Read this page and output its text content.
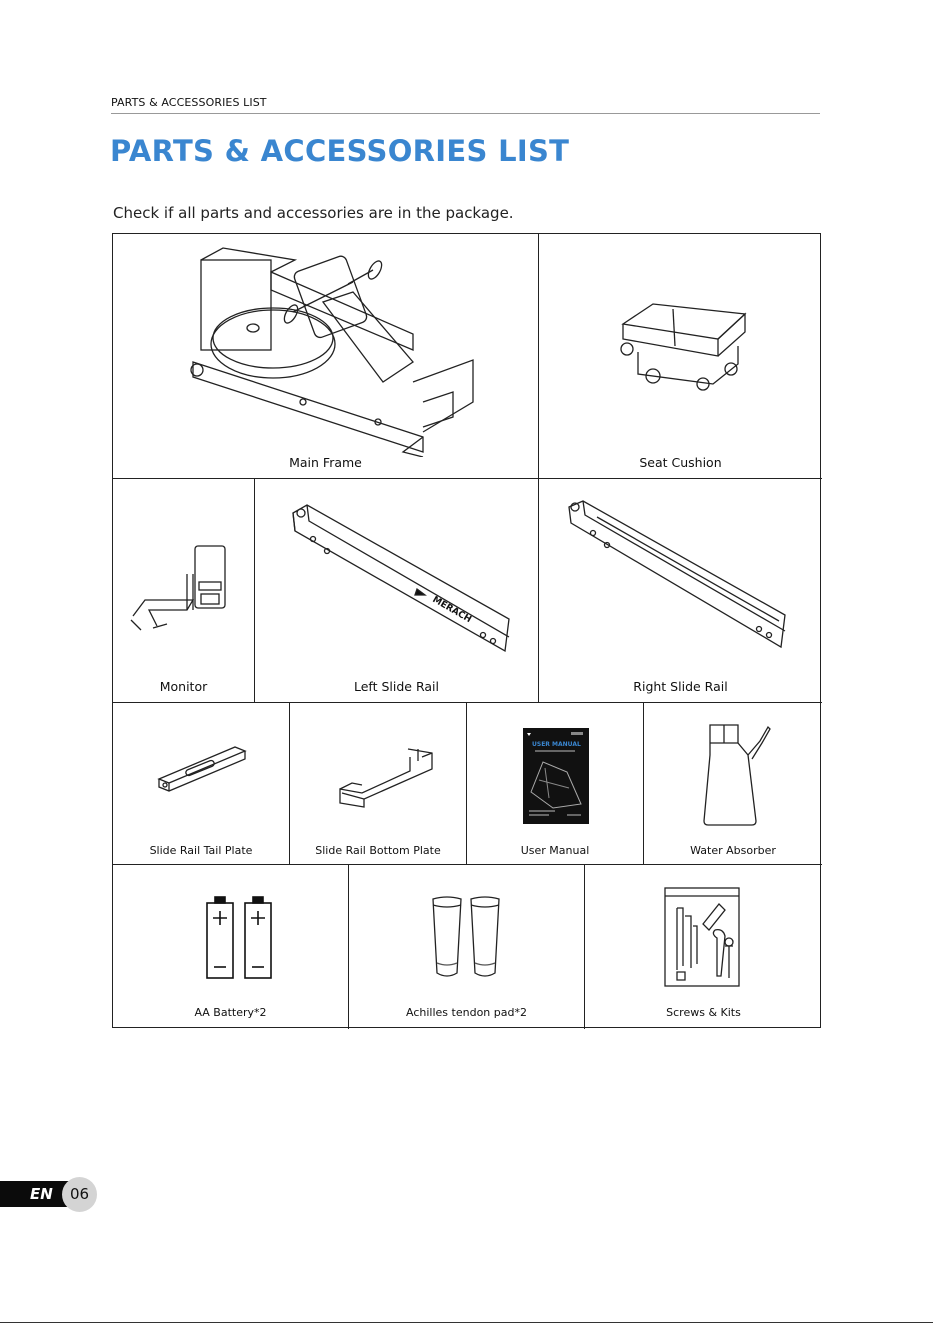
PARTS & ACCESSORIES LIST
PARTS & ACCESSORIES LIST
Check if all parts and accessories are in the package.
Main Frame	Seat Cushion
Monitor
MERACH
Left Slide Rail	Right Slide Rail
Slide Rail Tail Plate	Slide Rail Bottom Plate
USER MANUAL
User Manual	Water Absorber
AA Battery*2	Achilles tendon pad*2	Screws & Kits
EN	06
